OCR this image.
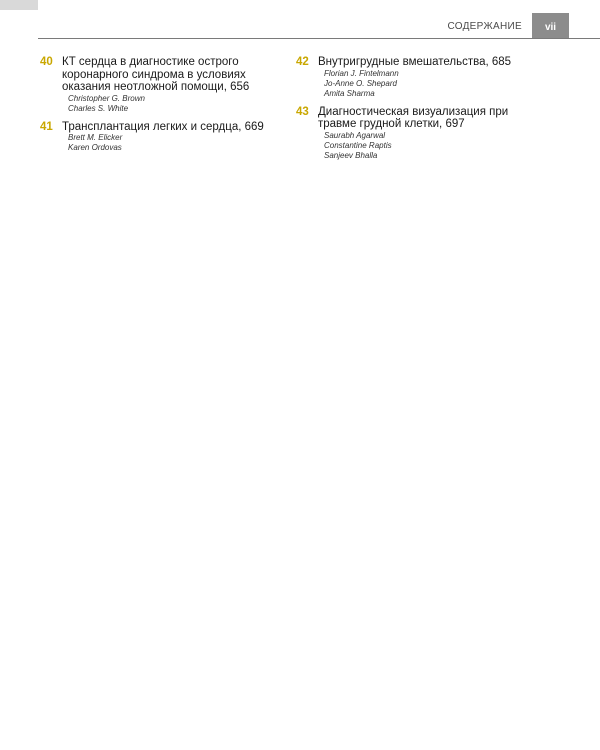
СОДЕРЖАНИЕ	vii
40 КТ сердца в диагностике острого
коронарного синдрома в условиях
оказания неотложной помощи, 656
Christopher G. Brown
Charles S. White
41 Трансплантация легких и сердца, 669
Brett M. Elicker
Karen Ordovas
42 Внутригрудные вмешательства, 685
Florian J. Fintelmann
Jo-Anne O. Shepard
Amita Sharma
43 Диагностическая визуализация при
травме грудной клетки, 697
Saurabh Agarwal
Constantine Raptis
Sanjeev Bhalla
